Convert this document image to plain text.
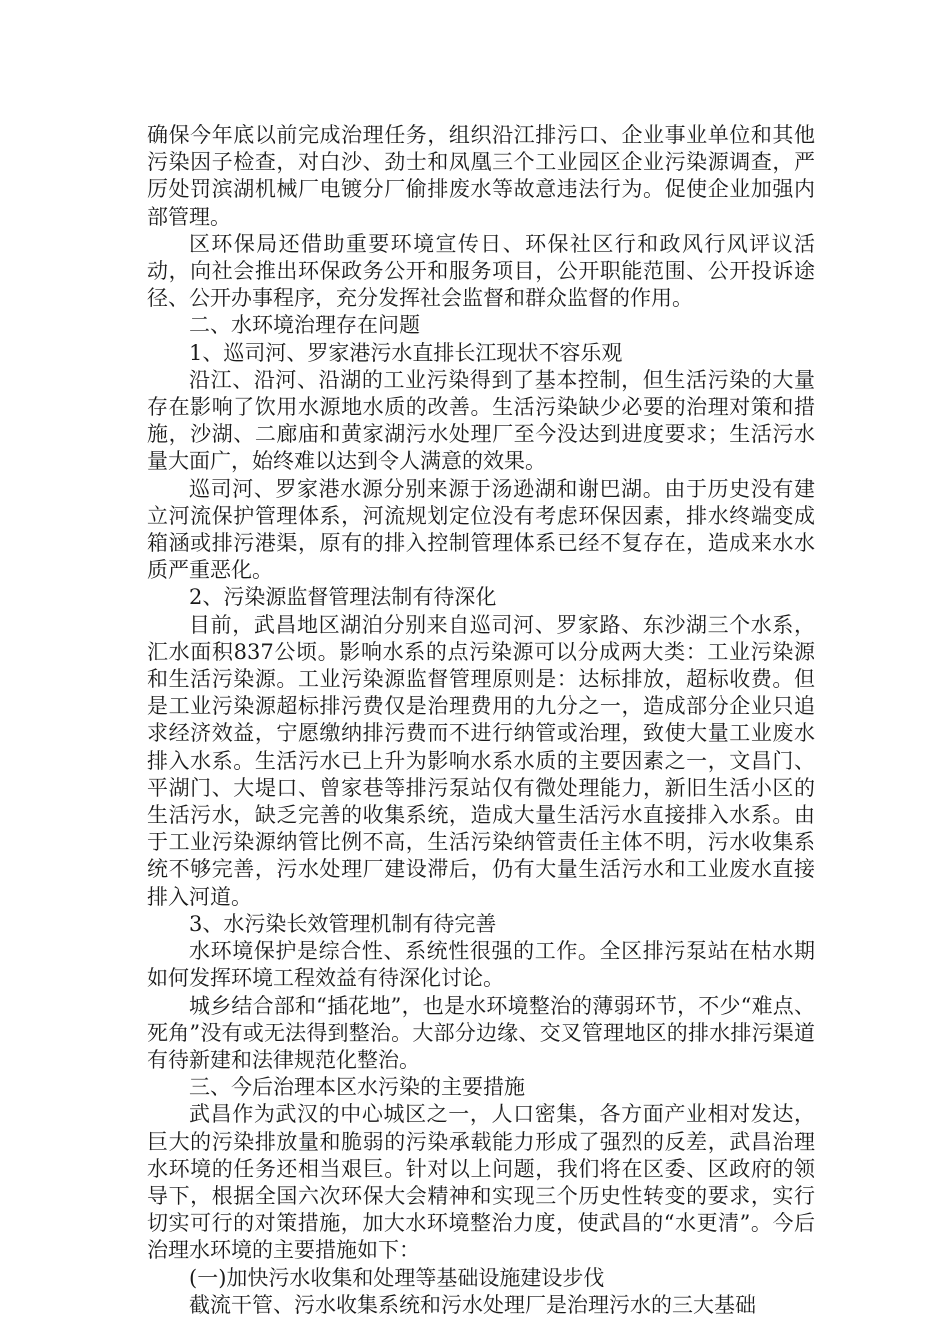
确保今年底以前完成治理任务，组织沿江排污口、企业事业单位和其他污染因子检查，对白沙、劲士和凤凰三个工业园区企业污染源调查，严厉处罚滨湖机械厂电镀分厂偷排废水等故意违法行为。促使企业加强内部管理。

区环保局还借助重要环境宣传日、环保社区行和政风行风评议活动，向社会推出环保政务公开和服务项目，公开职能范围、公开投诉途径、公开办事程序，充分发挥社会监督和群众监督的作用。

二、水环境治理存在问题

1、巡司河、罗家港污水直排长江现状不容乐观

沿江、沿河、沿湖的工业污染得到了基本控制，但生活污染的大量存在影响了饮用水源地水质的改善。生活污染缺少必要的治理对策和措施，沙湖、二廊庙和黄家湖污水处理厂至今没达到进度要求；生活污水量大面广，始终难以达到令人满意的效果。

巡司河、罗家港水源分别来源于汤逊湖和谢巴湖。由于历史没有建立河流保护管理体系，河流规划定位没有考虑环保因素，排水终端变成箱涵或排污港渠，原有的排入控制管理体系已经不复存在，造成来水水质严重恶化。

2、污染源监督管理法制有待深化

目前，武昌地区湖泊分别来自巡司河、罗家路、东沙湖三个水系，汇水面积837公顷。影响水系的点污染源可以分成两大类：工业污染源和生活污染源。工业污染源监督管理原则是：达标排放，超标收费。但是工业污染源超标排污费仅是治理费用的九分之一，造成部分企业只追求经济效益，宁愿缴纳排污费而不进行纳管或治理，致使大量工业废水排入水系。生活污水已上升为影响水系水质的主要因素之一，文昌门、平湖门、大堤口、曾家巷等排污泵站仅有微处理能力，新旧生活小区的生活污水，缺乏完善的收集系统，造成大量生活污水直接排入水系。由于工业污染源纳管比例不高，生活污染纳管责任主体不明，污水收集系统不够完善，污水处理厂建设滞后，仍有大量生活污水和工业废水直接排入河道。

3、水污染长效管理机制有待完善

水环境保护是综合性、系统性很强的工作。全区排污泵站在枯水期如何发挥环境工程效益有待深化讨论。

城乡结合部和“插花地”，也是水环境整治的薄弱环节，不少“难点、死角”没有或无法得到整治。大部分边缘、交叉管理地区的排水排污渠道有待新建和法律规范化整治。

三、今后治理本区水污染的主要措施

武昌作为武汉的中心城区之一，人口密集，各方面产业相对发达，巨大的污染排放量和脆弱的污染承载能力形成了强烈的反差，武昌治理水环境的任务还相当艰巨。针对以上问题，我们将在区委、区政府的领导下，根据全国六次环保大会精神和实现三个历史性转变的要求，实行切实可行的对策措施，加大水环境整治力度，使武昌的“水更清”。今后治理水环境的主要措施如下：

(一)加快污水收集和处理等基础设施建设步伐

截流干管、污水收集系统和污水处理厂是治理污水的三大基础
